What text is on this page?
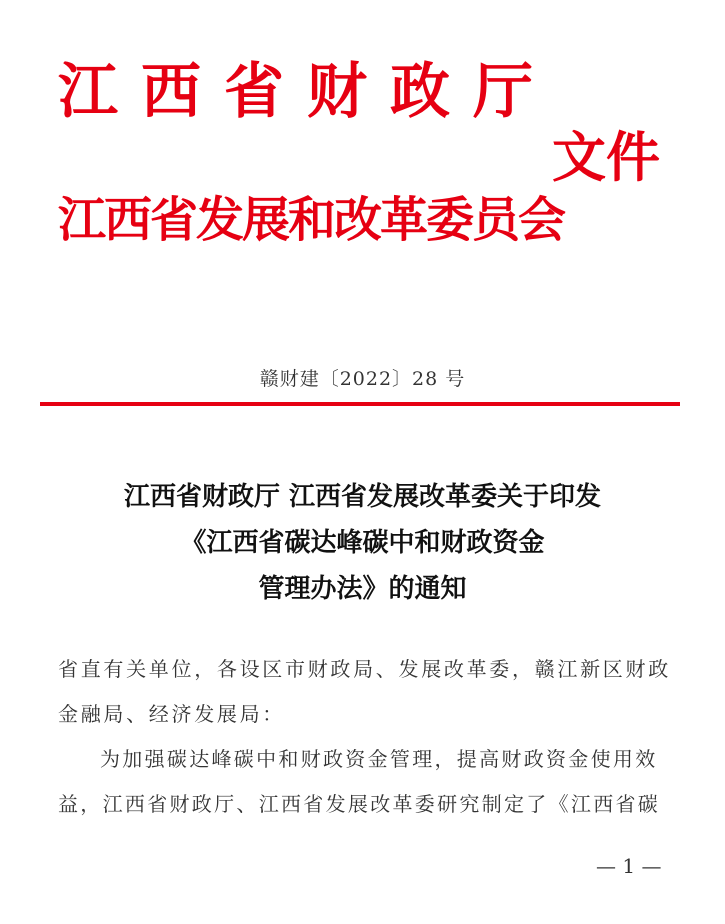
江西省财政厅
文件
江西省发展和改革委员会
赣财建〔2022〕28 号
江西省财政厅 江西省发展改革委关于印发
《江西省碳达峰碳中和财政资金
管理办法》的通知

省直有关单位，各设区市财政局、发展改革委，赣江新区财政金融局、经济发展局：

为加强碳达峰碳中和财政资金管理，提高财政资金使用效益，江西省财政厅、江西省发展改革委研究制定了《江西省碳

— 1 —
